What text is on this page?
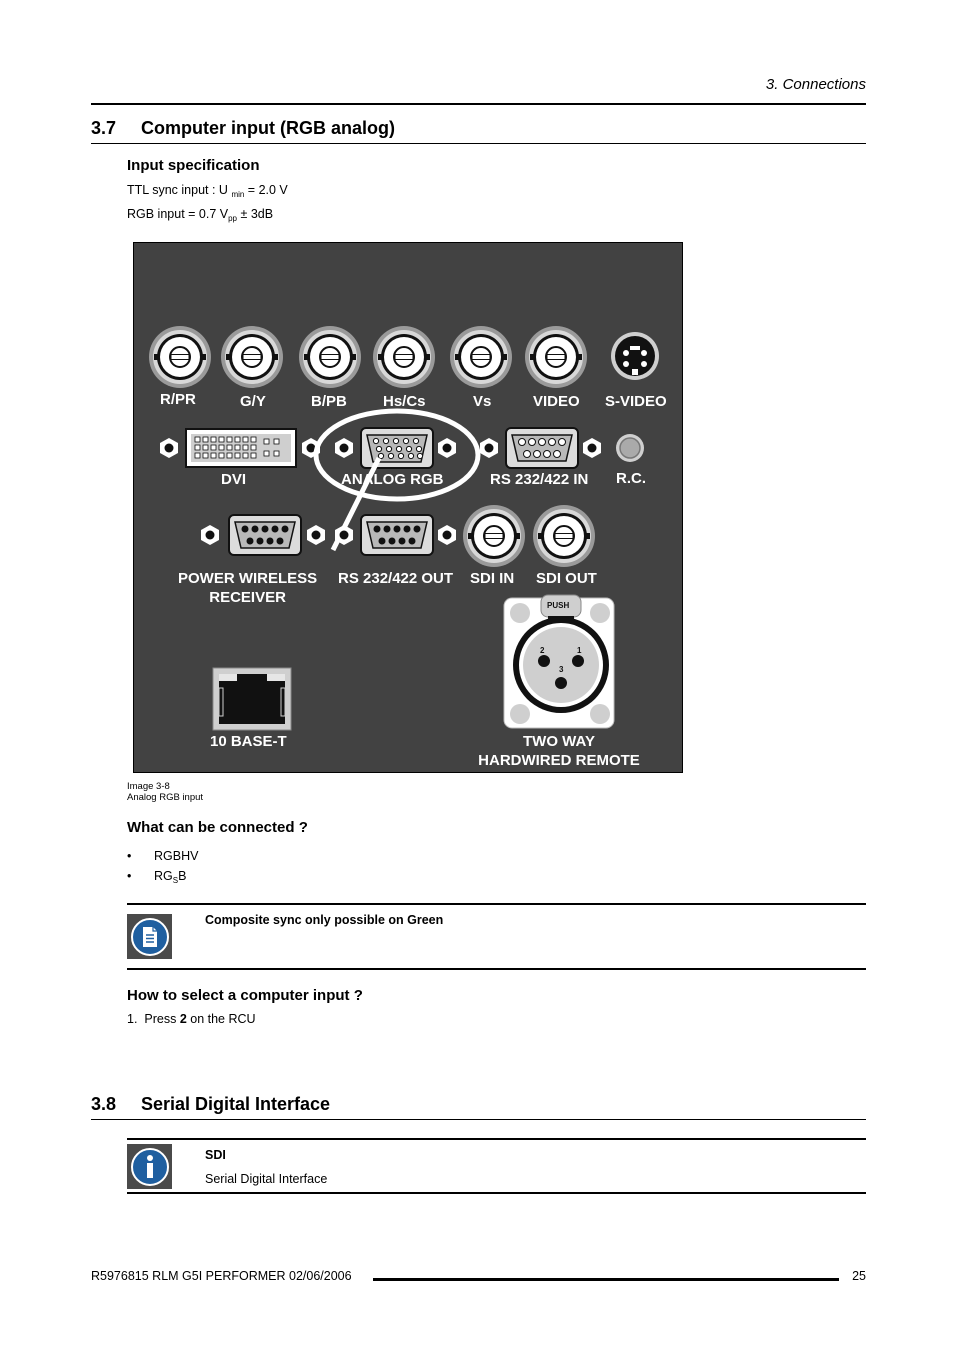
3. Connections
3.7 Computer input (RGB analog)
Input specification
TTL sync input : U $_{min}$ = 2.0 V
RGB input = 0.7 $V_{pp} \pm 3dB$
R/PR	G/Y	B/PB Hs/Cs	Vs	VIDEO S-VIDEO
DVI	ANALOG RGB	RS 232/422 IN R.C.
POWER WIRELESS
RECEIVER
RS 232/422 OUT SDI IN SDI OUT
10 BASE-T	TWO WAY
HARDWIRED REMOTE
PUSH
2	1
3
Image 3-8
Analog RGB input
What can be connected ?
• RGBHV
• $RG_SB$
Composite sync only possible on Green
How to select a computer input ?
1. Press 2 on the RCU
3.8 Serial Digital Interface
SDI
Serial Digital Interface
R5976815 RLM G5I PERFORMER 02/06/2006	25
